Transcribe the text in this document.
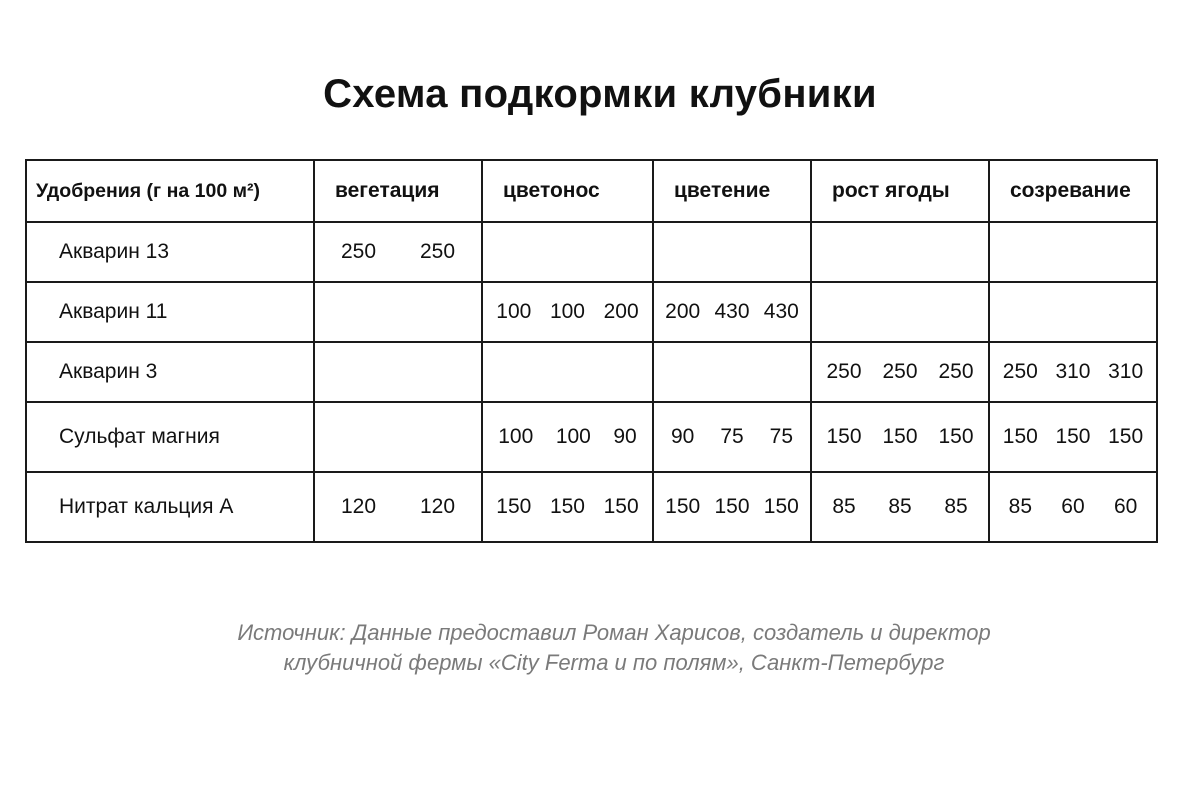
Схема подкормки клубники
Удобрения (г на 100 м²)	вегетация	цветонос	цветение	рост ягоды	созревание
Акварин 13	250 250				

Акварин 11		100 100 200	200 430 430		

Акварин 3				250 250 250	250 310 310

Сульфат магния		100 100 90	90 75 75	150 150 150	150 150 150

Нитрат кальция А	120 120	150 150 150	150 150 150	85 85 85	85 60 60

Источник: Данные предоставил Роман Харисов, создатель и директор
клубничной фермы «City Ferma и по полям», Санкт-Петербург
